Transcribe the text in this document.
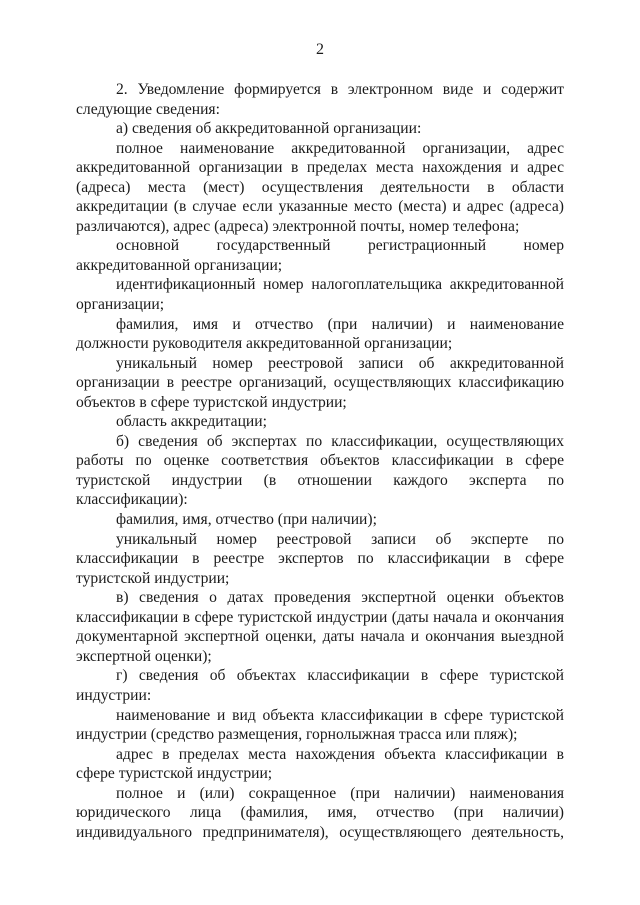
2

2. Уведомление формируется в электронном виде и содержит следующие сведения:

а) сведения об аккредитованной организации:

полное наименование аккредитованной организации, адрес аккредитованной организации в пределах места нахождения и адрес (адреса) места (мест) осуществления деятельности в области аккредитации (в случае если указанные место (места) и адрес (адреса) различаются), адрес (адреса) электронной почты, номер телефона;

основной государственный регистрационный номер аккредитованной организации;

идентификационный номер налогоплательщика аккредитованной организации;

фамилия, имя и отчество (при наличии) и наименование должности руководителя аккредитованной организации;

уникальный номер реестровой записи об аккредитованной организации в реестре организаций, осуществляющих классификацию объектов в сфере туристской индустрии;

область аккредитации;

б) сведения об экспертах по классификации, осуществляющих работы по оценке соответствия объектов классификации в сфере туристской индустрии (в отношении каждого эксперта по классификации):

фамилия, имя, отчество (при наличии);

уникальный номер реестровой записи об эксперте по классификации в реестре экспертов по классификации в сфере туристской индустрии;

в) сведения о датах проведения экспертной оценки объектов классификации в сфере туристской индустрии (даты начала и окончания документарной экспертной оценки, даты начала и окончания выездной экспертной оценки);

г) сведения об объектах классификации в сфере туристской индустрии:

наименование и вид объекта классификации в сфере туристской индустрии (средство размещения, горнолыжная трасса или пляж);

адрес в пределах места нахождения объекта классификации в сфере туристской индустрии;

полное и (или) сокращенное (при наличии) наименования юридического лица (фамилия, имя, отчество (при наличии) индивидуального предпринимателя), осуществляющего деятельность,
